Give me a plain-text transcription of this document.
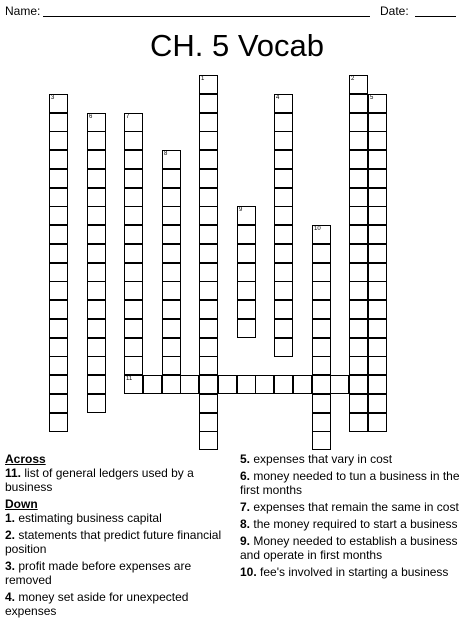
Name:	Date:
CH. 5 Vocab
1	2
3	4	5
6	7
11
8
9
10
Across
11. list of general ledgers used by a business
Down
1. estimating business capital
2. statements that predict future financial position
3. profit made before expenses are removed
4. money set aside for unexpected expenses
5. expenses that vary in cost
6. money needed to tun a business in the first months
7. expenses that remain the same in cost
8. the money required to start a business
9. Money needed to establish a business and operate in first months
10. fee's involved in starting a business
